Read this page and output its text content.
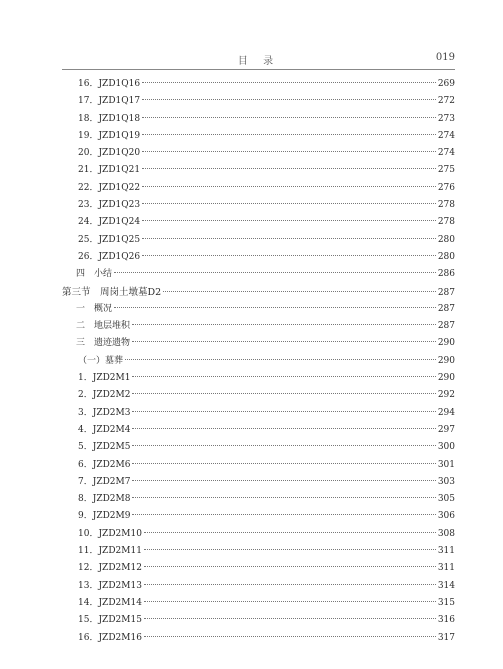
目 录	019
16．JZD1Q16	269
17．JZD1Q17	272
18．JZD1Q18	273
19．JZD1Q19	274
20．JZD1Q20	274
21．JZD1Q21	275
22．JZD1Q22	276
23．JZD1Q23	278
24．JZD1Q24	278
25．JZD1Q25	280
26．JZD1Q26	280
四　小结	286
第三节　周岗土墩墓D2	287
一　概况	287
二　地层堆积	287
三　遗迹遗物	290
（一）墓葬	290
1．JZD2M1	290
2．JZD2M2	292
3．JZD2M3	294
4．JZD2M4	297
5．JZD2M5	300
6．JZD2M6	301
7．JZD2M7	303
8．JZD2M8	305
9．JZD2M9	306
10．JZD2M10	308
11．JZD2M11	311
12．JZD2M12	311
13．JZD2M13	314
14．JZD2M14	315
15．JZD2M15	316
16．JZD2M16	317
